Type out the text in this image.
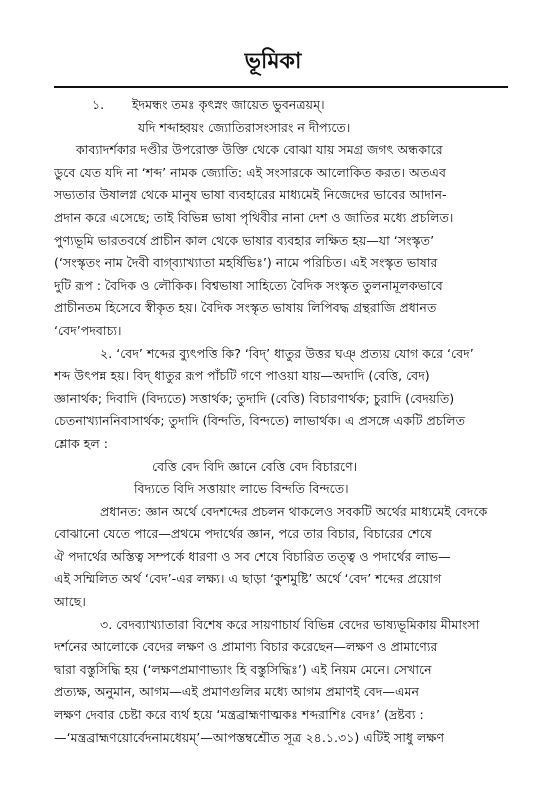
ভূমিকা
১. ইদমন্ধং তমঃ কৃৎস্নং জায়েত ভুবনত্রয়ম্‌।
যদি শব্দাহ্বয়ং জ্যোতিরাসংসারং ন দীপ্যতে।
কাব্যাদর্শকার দণ্ডীর উপরোক্ত উক্তি থেকে বোঝা যায় সমগ্র জগৎ অন্ধকারে
ডুবে যেত যদি না ‘শব্দ’ নামক জ্যোতি: এই সংসারকে আলোকিত করত। অতএব
সভ্যতার উষালগ্ন থেকে মানুষ ভাষা ব্যবহারের মাধ্যমেই নিজেদের ভাবের আদান-
প্রদান করে এসেছে; তাই বিভিন্ন ভাষা পৃথিবীর নানা দেশ ও জাতির মধ্যে প্রচলিত।
পুণ্যভূমি ভারতবর্ষে প্রাচীন কাল থেকে ভাষার ব্যবহার লক্ষিত হয়—যা ‘সংস্কৃত’
(‘সংস্কৃতং নাম দৈবী বাগ্‌ব্যাখ্যাতা মহর্ষিভিঃ’) নামে পরিচিত। এই সংস্কৃত ভাষার
দুটি রূপ : বৈদিক ও লৌকিক। বিশ্বভাষা সাহিত্যে বৈদিক সংস্কৃত তুলনামূলকভাবে
প্রাচীনতম হিসেবে স্বীকৃত হয়। বৈদিক সংস্কৃত ভাষায় লিপিবদ্ধ গ্রন্থরাজি প্রধানত
‘বেদ’পদবাচ্য।
২. ‘বেদ’ শব্দের ব্যুৎপত্তি কি? ‘বিদ্‌’ ধাতুর উত্তর ঘঞ্‌ প্রত্যয় যোগ করে ‘বেদ’
শব্দ উৎপন্ন হয়। বিদ্‌ ধাতুর রূপ পাঁচটি গণে পাওয়া যায়—অদাদি (বেত্তি, বেদ)
জ্ঞানার্থক; দিবাদি (বিদ্যতে) সত্তার্থক; তুদাদি (বেত্তি) বিচারণার্থক; চুরাদি (বেদয়তি)
চেতনাখ্যাননিবাসার্থক; তুদাদি (বিন্দতি, বিন্দতে) লাভার্থক। এ প্রসঙ্গে একটি প্রচলিত
শ্লোক হল :
বেত্তি বেদ বিদি জ্ঞানে বেত্তি বেদ বিচারণে।
বিদ্যতে বিদি সত্তায়াং লাভে বিন্দতি বিন্দতে।
প্রধানত: জ্ঞান অর্থে বেদশব্দের প্রচলন থাকলেও সবকটি অর্থের মাধ্যমেই বেদকে
বোঝানো যেতে পারে—প্রথমে পদার্থের জ্ঞান, পরে তার বিচার, বিচারের শেষে
ঐ পদার্থের অস্তিত্ব সম্পর্কে ধারণা ও সব শেষে বিচারিত তত্ত্ব ও পদার্থের লাভ—
এই সম্মিলিত অর্থ ‘বেদ’-এর লক্ষ্য। এ ছাড়া ‘কুশমুষ্টি’ অর্থে ‘বেদ’ শব্দের প্রয়োগ
আছে।
৩. বেদব্যাখ্যাতারা বিশেষ করে সায়ণাচার্য বিভিন্ন বেদের ভাষ্যভূমিকায় মীমাংসা
দর্শনের আলোকে বেদের লক্ষণ ও প্রামাণ্য বিচার করেছেন—লক্ষণ ও প্রামাণ্যের
দ্বারা বস্তুসিদ্ধি হয় (‘লক্ষণপ্রমাণাভ্যাং হি বস্তুসিদ্ধিঃ’) এই নিয়ম মেনে। সেখানে
প্রত্যক্ষ, অনুমান, আগম—এই প্রমাণগুলির মধ্যে আগম প্রমাণই বেদ—এমন
লক্ষণ দেবার চেষ্টা করে ব্যর্থ হয়ে ‘মন্ত্রব্রাহ্মণাত্মকঃ শব্দরাশিঃ বেদঃ’ (দ্রষ্টব্য :
—‘মন্ত্রব্রাহ্মণয়োর্বেদনামধেয়ম্‌’—আপস্তম্বশ্রৌত সূত্র ২৪.১.৩১) এটিই সাধু লক্ষণ
